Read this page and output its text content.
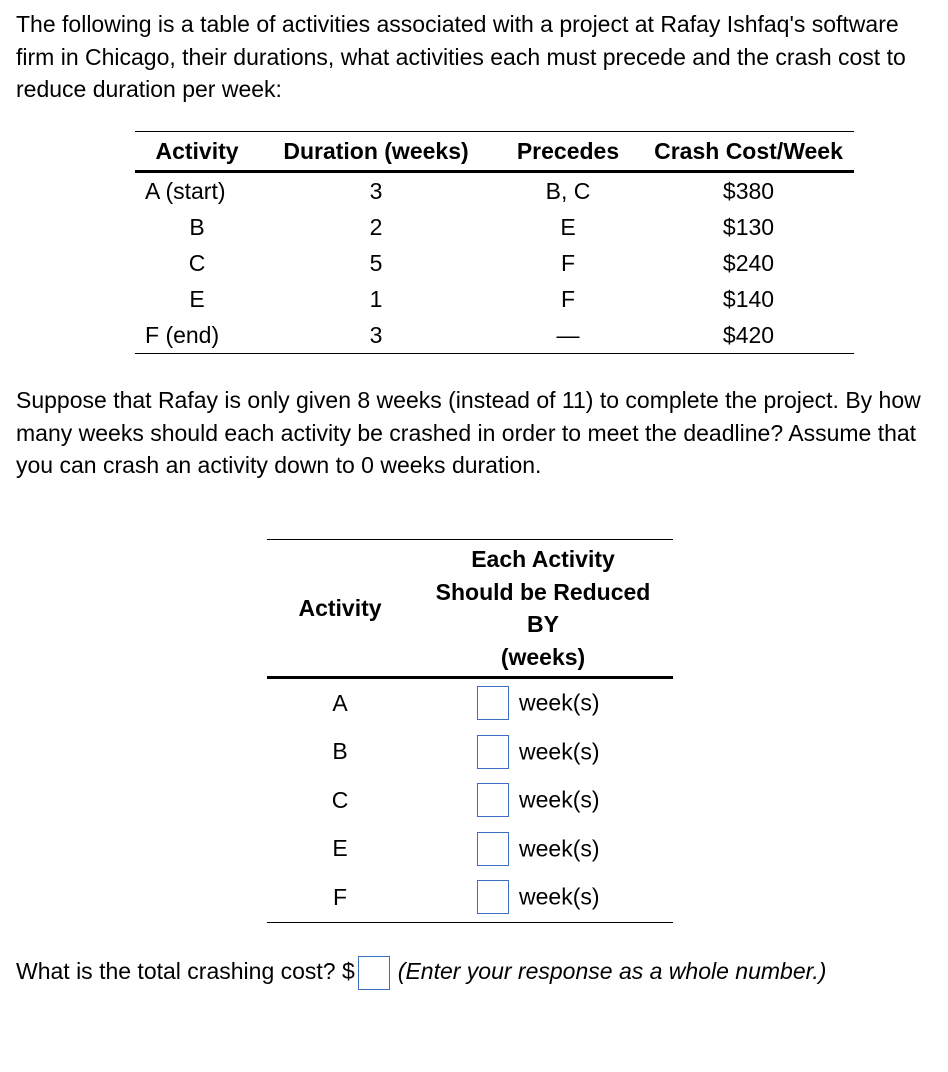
The following is a table of activities associated with a project at Rafay Ishfaq's software firm in Chicago, their durations, what activities each must precede and the crash cost to reduce duration per week:

Activity	Duration (weeks)	Precedes	Crash Cost/Week
A (start)	3	B, C	$380
B	2	E	$130
C	5	F	$240
E	1	F	$140
F (end)	3	—	$420

Suppose that Rafay is only given 8 weeks (instead of 11) to complete the project. By how many weeks should each activity be crashed in order to meet the deadline? Assume that you can crash an activity down to 0 weeks duration.

Activity	Each Activity
Should be Reduced
BY
(weeks)
A	week(s)
B	week(s)
C	week(s)
E	week(s)
F	week(s)

What is the total crashing cost? $ (Enter your response as a whole number.)
